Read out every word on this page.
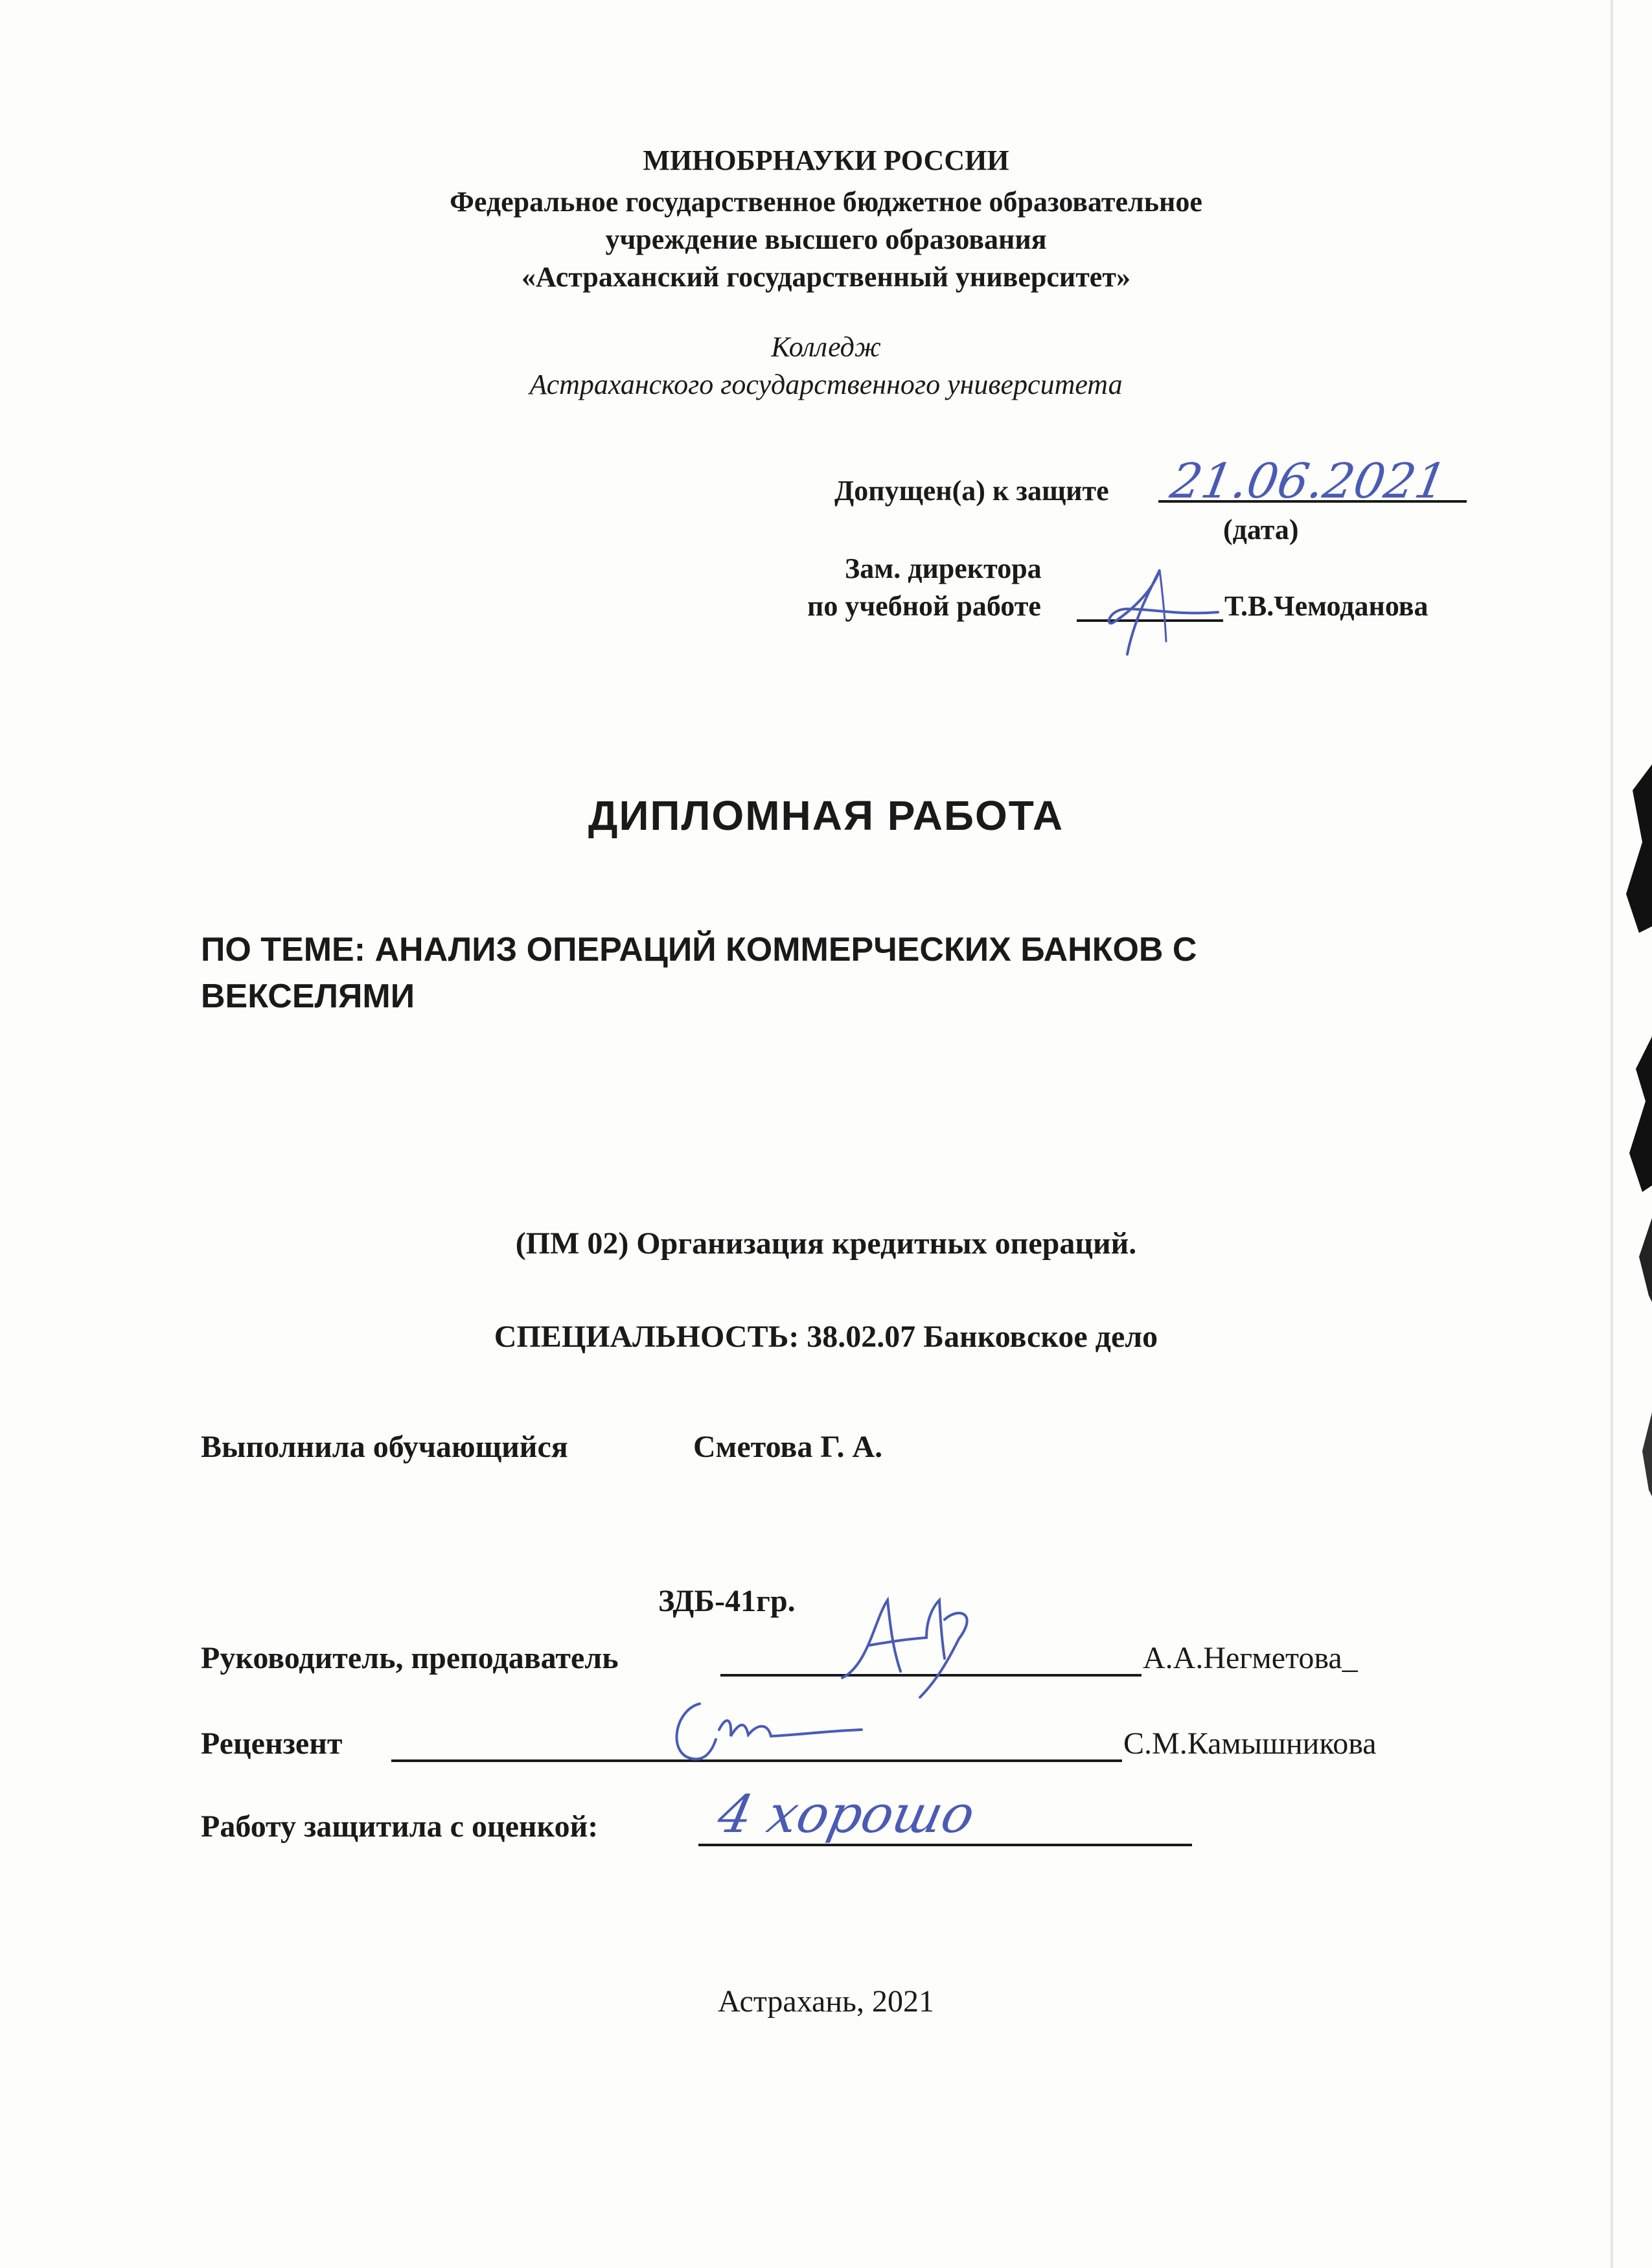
МИНОБРНАУКИ РОССИИ
Федеральное государственное бюджетное образовательное
учреждение высшего образования
«Астраханский государственный университет»
Колледж
Астраханского государственного университета
Допущен(а) к защите 21.06.2021
(дата)
Зам. директора
по учебной работе	Т.В.Чемоданова
ДИПЛОМНАЯ РАБОТА
ПО ТЕМЕ: АНАЛИЗ ОПЕРАЦИЙ КОММЕРЧЕСКИХ БАНКОВ С
ВЕКСЕЛЯМИ
(ПМ 02) Организация кредитных операций.
СПЕЦИАЛЬНОСТЬ: 38.02.07 Банковское дело
Выполнила обучающийся	Сметова Г. А.
ЗДБ-41гр.
Руководитель, преподаватель	А.А.Негметова_
Рецензент	С.М.Камышникова
Работу защитила с оценкой: 4 хорошо
Астрахань, 2021
